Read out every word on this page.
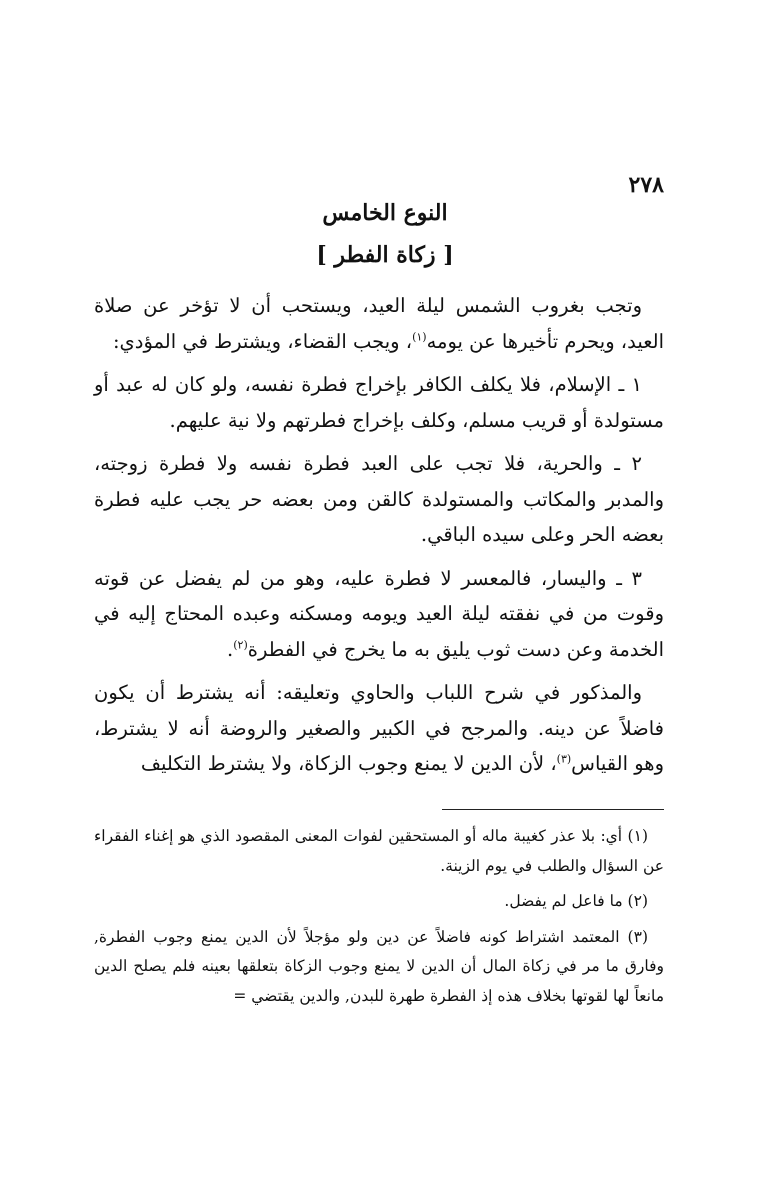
٢٧٨
النوع الخامس
[ زكاة الفطر ]

وتجب بغروب الشمس ليلة العيد، ويستحب أن لا تؤخر عن صلاة العيد، ويحرم تأخيرها عن يومه$^{(١)}$، ويجب القضاء، ويشترط في المؤدي:

١ ـ الإسلام، فلا يكلف الكافر بإخراج فطرة نفسه، ولو كان له عبد أو مستولدة أو قريب مسلم، وكلف بإخراج فطرتهم ولا نية عليهم.

٢ ـ والحرية، فلا تجب على العبد فطرة نفسه ولا فطرة زوجته، والمدبر والمكاتب والمستولدة كالقن ومن بعضه حر يجب عليه فطرة بعضه الحر وعلى سيده الباقي.

٣ ـ واليسار، فالمعسر لا فطرة عليه، وهو من لم يفضل عن قوته وقوت من في نفقته ليلة العيد ويومه ومسكنه وعبده المحتاج إليه في الخدمة وعن دست ثوب يليق به ما يخرج في الفطرة$^{(٢)}$.

والمذكور في شرح اللباب والحاوي وتعليقه: أنه يشترط أن يكون فاضلاً عن دينه. والمرجح في الكبير والصغير والروضة أنه لا يشترط، وهو القياس$^{(٣)}$، لأن الدين لا يمنع وجوب الزكاة، ولا يشترط التكليف

(١) أي: بلا عذر كغيبة ماله أو المستحقين لفوات المعنى المقصود الذي هو إغناء الفقراء عن السؤال والطلب في يوم الزينة.

(٢) ما فاعل لم يفضل.

(٣) المعتمد اشتراط كونه فاضلاً عن دين ولو مؤجلاً لأن الدين يمنع وجوب الفطرة, وفارق ما مر في زكاة المال أن الدين لا يمنع وجوب الزكاة بتعلقها بعينه فلم يصلح الدين مانعاً لها لقوتها بخلاف هذه إذ الفطرة طهرة للبدن, والدين يقتضي =
